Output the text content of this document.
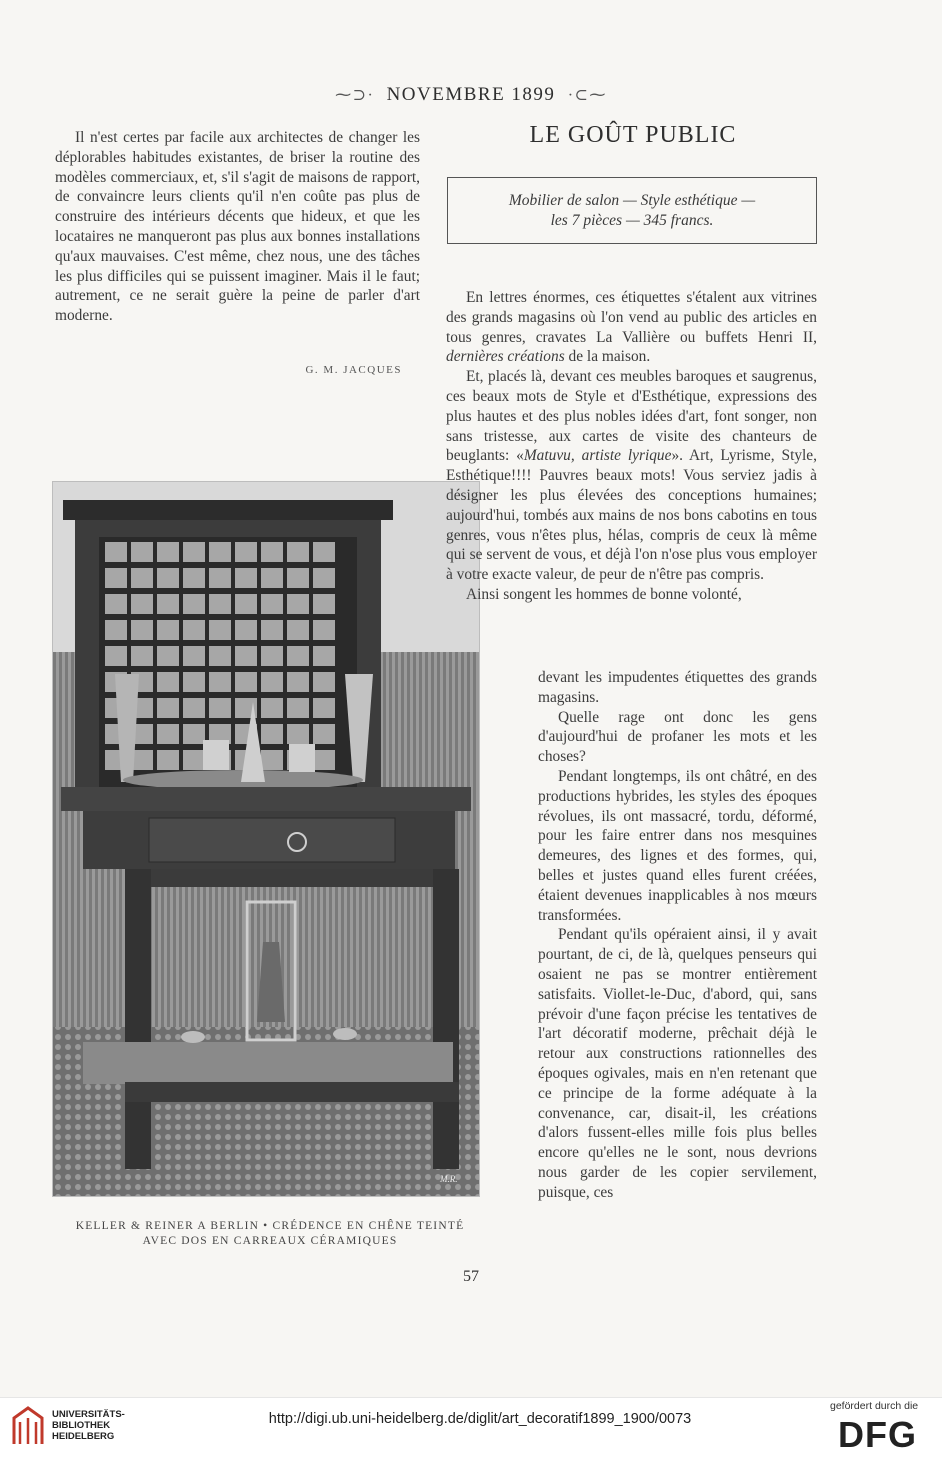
⁓⊃· NOVEMBRE 1899 ·⊂⁓

Il n'est certes par facile aux architectes de changer les déplorables habitudes existantes, de briser la routine des modèles commerciaux, et, s'il s'agit de maisons de rapport, de convaincre leurs clients qu'il n'en coûte pas plus de construire des intérieurs décents que hideux, et que les locataires ne manqueront pas plus aux bonnes installations qu'aux mauvaises. C'est même, chez nous, une des tâches les plus difficiles qui se puissent imaginer. Mais il le faut; autrement, ce ne serait guère la peine de parler d'art moderne.

G. M. JACQUES
M.R.
KELLER & REINER A BERLIN • CRÉDENCE EN CHÊNE TEINTÉ
AVEC DOS EN CARREAUX CÉRAMIQUES
LE GOÛT PUBLIC
Mobilier de salon — Style esthétique —
les 7 pièces — 345 francs.

En lettres énormes, ces étiquettes s'étalent aux vitrines des grands magasins où l'on vend au public des articles en tous genres, cravates La Vallière ou buffets Henri II, dernières créations de la maison.

Et, placés là, devant ces meubles baroques et saugrenus, ces beaux mots de Style et d'Esthétique, expressions des plus hautes et des plus nobles idées d'art, font songer, non sans tristesse, aux cartes de visite des chanteurs de beuglants: «Matuvu, artiste lyrique». Art, Lyrisme, Style, Esthétique!!!! Pauvres beaux mots! Vous serviez jadis à désigner les plus élevées des conceptions humaines; aujourd'hui, tombés aux mains de nos bons cabotins en tous genres, vous n'êtes plus, hélas, compris de ceux là même qui se servent de vous, et déjà l'on n'ose plus vous employer à votre exacte valeur, de peur de n'être pas compris.

Ainsi songent les hommes de bonne volonté,

devant les impudentes étiquettes des grands magasins.

Quelle rage ont donc les gens d'aujourd'hui de profaner les mots et les choses?

Pendant longtemps, ils ont châtré, en des productions hybrides, les styles des époques révolues, ils ont massacré, tordu, déformé, pour les faire entrer dans nos mesquines demeures, des lignes et des formes, qui, belles et justes quand elles furent créées, étaient devenues inapplicables à nos mœurs transformées.

Pendant qu'ils opéraient ainsi, il y avait pourtant, de ci, de là, quelques penseurs qui osaient ne pas se montrer entièrement satisfaits. Viollet-le-Duc, d'abord, qui, sans prévoir d'une façon précise les tentatives de l'art décoratif moderne, prêchait déjà le retour aux constructions rationnelles des époques ogivales, mais en n'en retenant que ce principe de la forme adéquate à la convenance, car, disait-il, les créations d'alors fussent-elles mille fois plus belles encore qu'elles ne le sont, nous devrions nous garder de les copier servilement, puisque, ces

57
UNIVERSITÄTS-
BIBLIOTHEK
HEIDELBERG
http://digi.ub.uni-heidelberg.de/diglit/art_decoratif1899_1900/0073
gefördert durch die
DFG
